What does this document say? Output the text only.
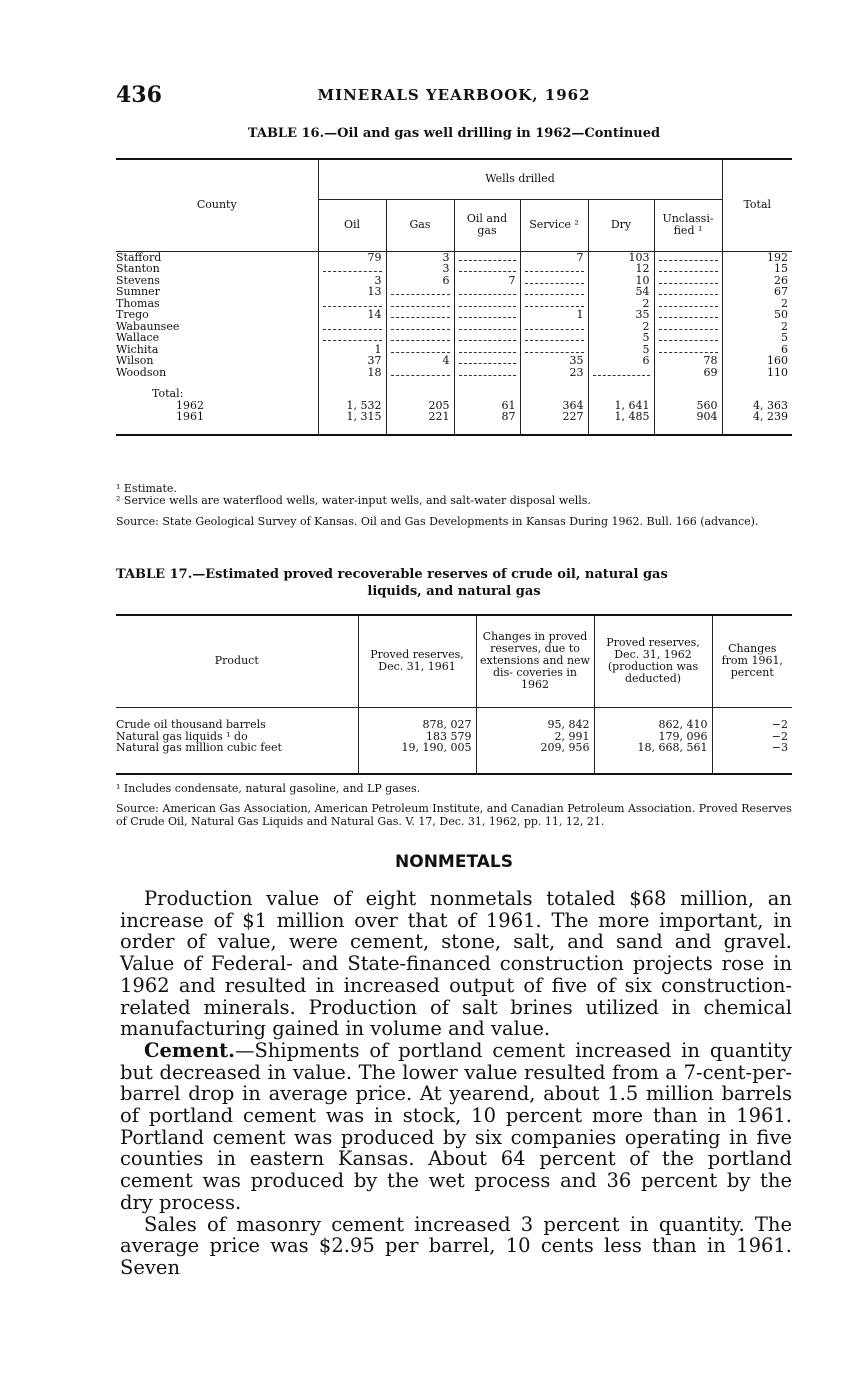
436	MINERALS YEARBOOK, 1962
TABLE 16.—Oil and gas well drilling in 1962—Continued
County	Wells drilled						Total
	Oil	Gas	Oil and gas	Service ²	Dry	Unclassi- fied ¹	
Stafford	79	3		7	103		192
Stanton		3			12		15
Stevens	3	6	7		10		26
Sumner	13				54		67
Thomas					2		2
Trego	14			1	35		50
Wabaunsee					2		2
Wallace					5		5
Wichita	1				5		6
Wilson	37	4		35	6	78	160
Woodson	18			23		69	110

Total:							
1962	1, 532	205	61	364	1, 641	560	4, 363
1961	1, 315	221	87	227	1, 485	904	4, 239

¹ Estimate.
² Service wells are waterflood wells, water-input wells, and salt-water disposal wells.
Source: State Geological Survey of Kansas. Oil and Gas Developments in Kansas During 1962. Bull. 166 (advance).
TABLE 17.—Estimated proved recoverable reserves of crude oil, natural gas
liquids, and natural gas
Product	Proved reserves, Dec. 31, 1961	Changes in proved reserves, due to extensions and new dis- coveries in 1962	Proved reserves, Dec. 31, 1962 (production was deducted)	Changes from 1961, percent

Crude oil thousand barrels	878, 027	95, 842	862, 410	−2
Natural gas liquids ¹ do	183 579	2, 991	179, 096	−2
Natural gas million cubic feet	19, 190, 005	209, 956	18, 668, 561	−3

¹ Includes condensate, natural gasoline, and LP gases.
Source: American Gas Association, American Petroleum Institute, and Canadian Petroleum Association. Proved Reserves of Crude Oil, Natural Gas Liquids and Natural Gas. V. 17, Dec. 31, 1962, pp. 11, 12, 21.
NONMETALS

Production value of eight nonmetals totaled $68 million, an increase of $1 million over that of 1961. The more important, in order of value, were cement, stone, salt, and sand and gravel. Value of Federal- and State-financed construction projects rose in 1962 and resulted in increased output of five of six construction-related minerals. Production of salt brines utilized in chemical manufacturing gained in volume and value.

Cement.—Shipments of portland cement increased in quantity but decreased in value. The lower value resulted from a 7-cent-per-barrel drop in average price. At yearend, about 1.5 million barrels of portland cement was in stock, 10 percent more than in 1961. Portland cement was produced by six companies operating in five counties in eastern Kansas. About 64 percent of the portland cement was produced by the wet process and 36 percent by the dry process.

Sales of masonry cement increased 3 percent in quantity. The average price was $2.95 per barrel, 10 cents less than in 1961. Seven
